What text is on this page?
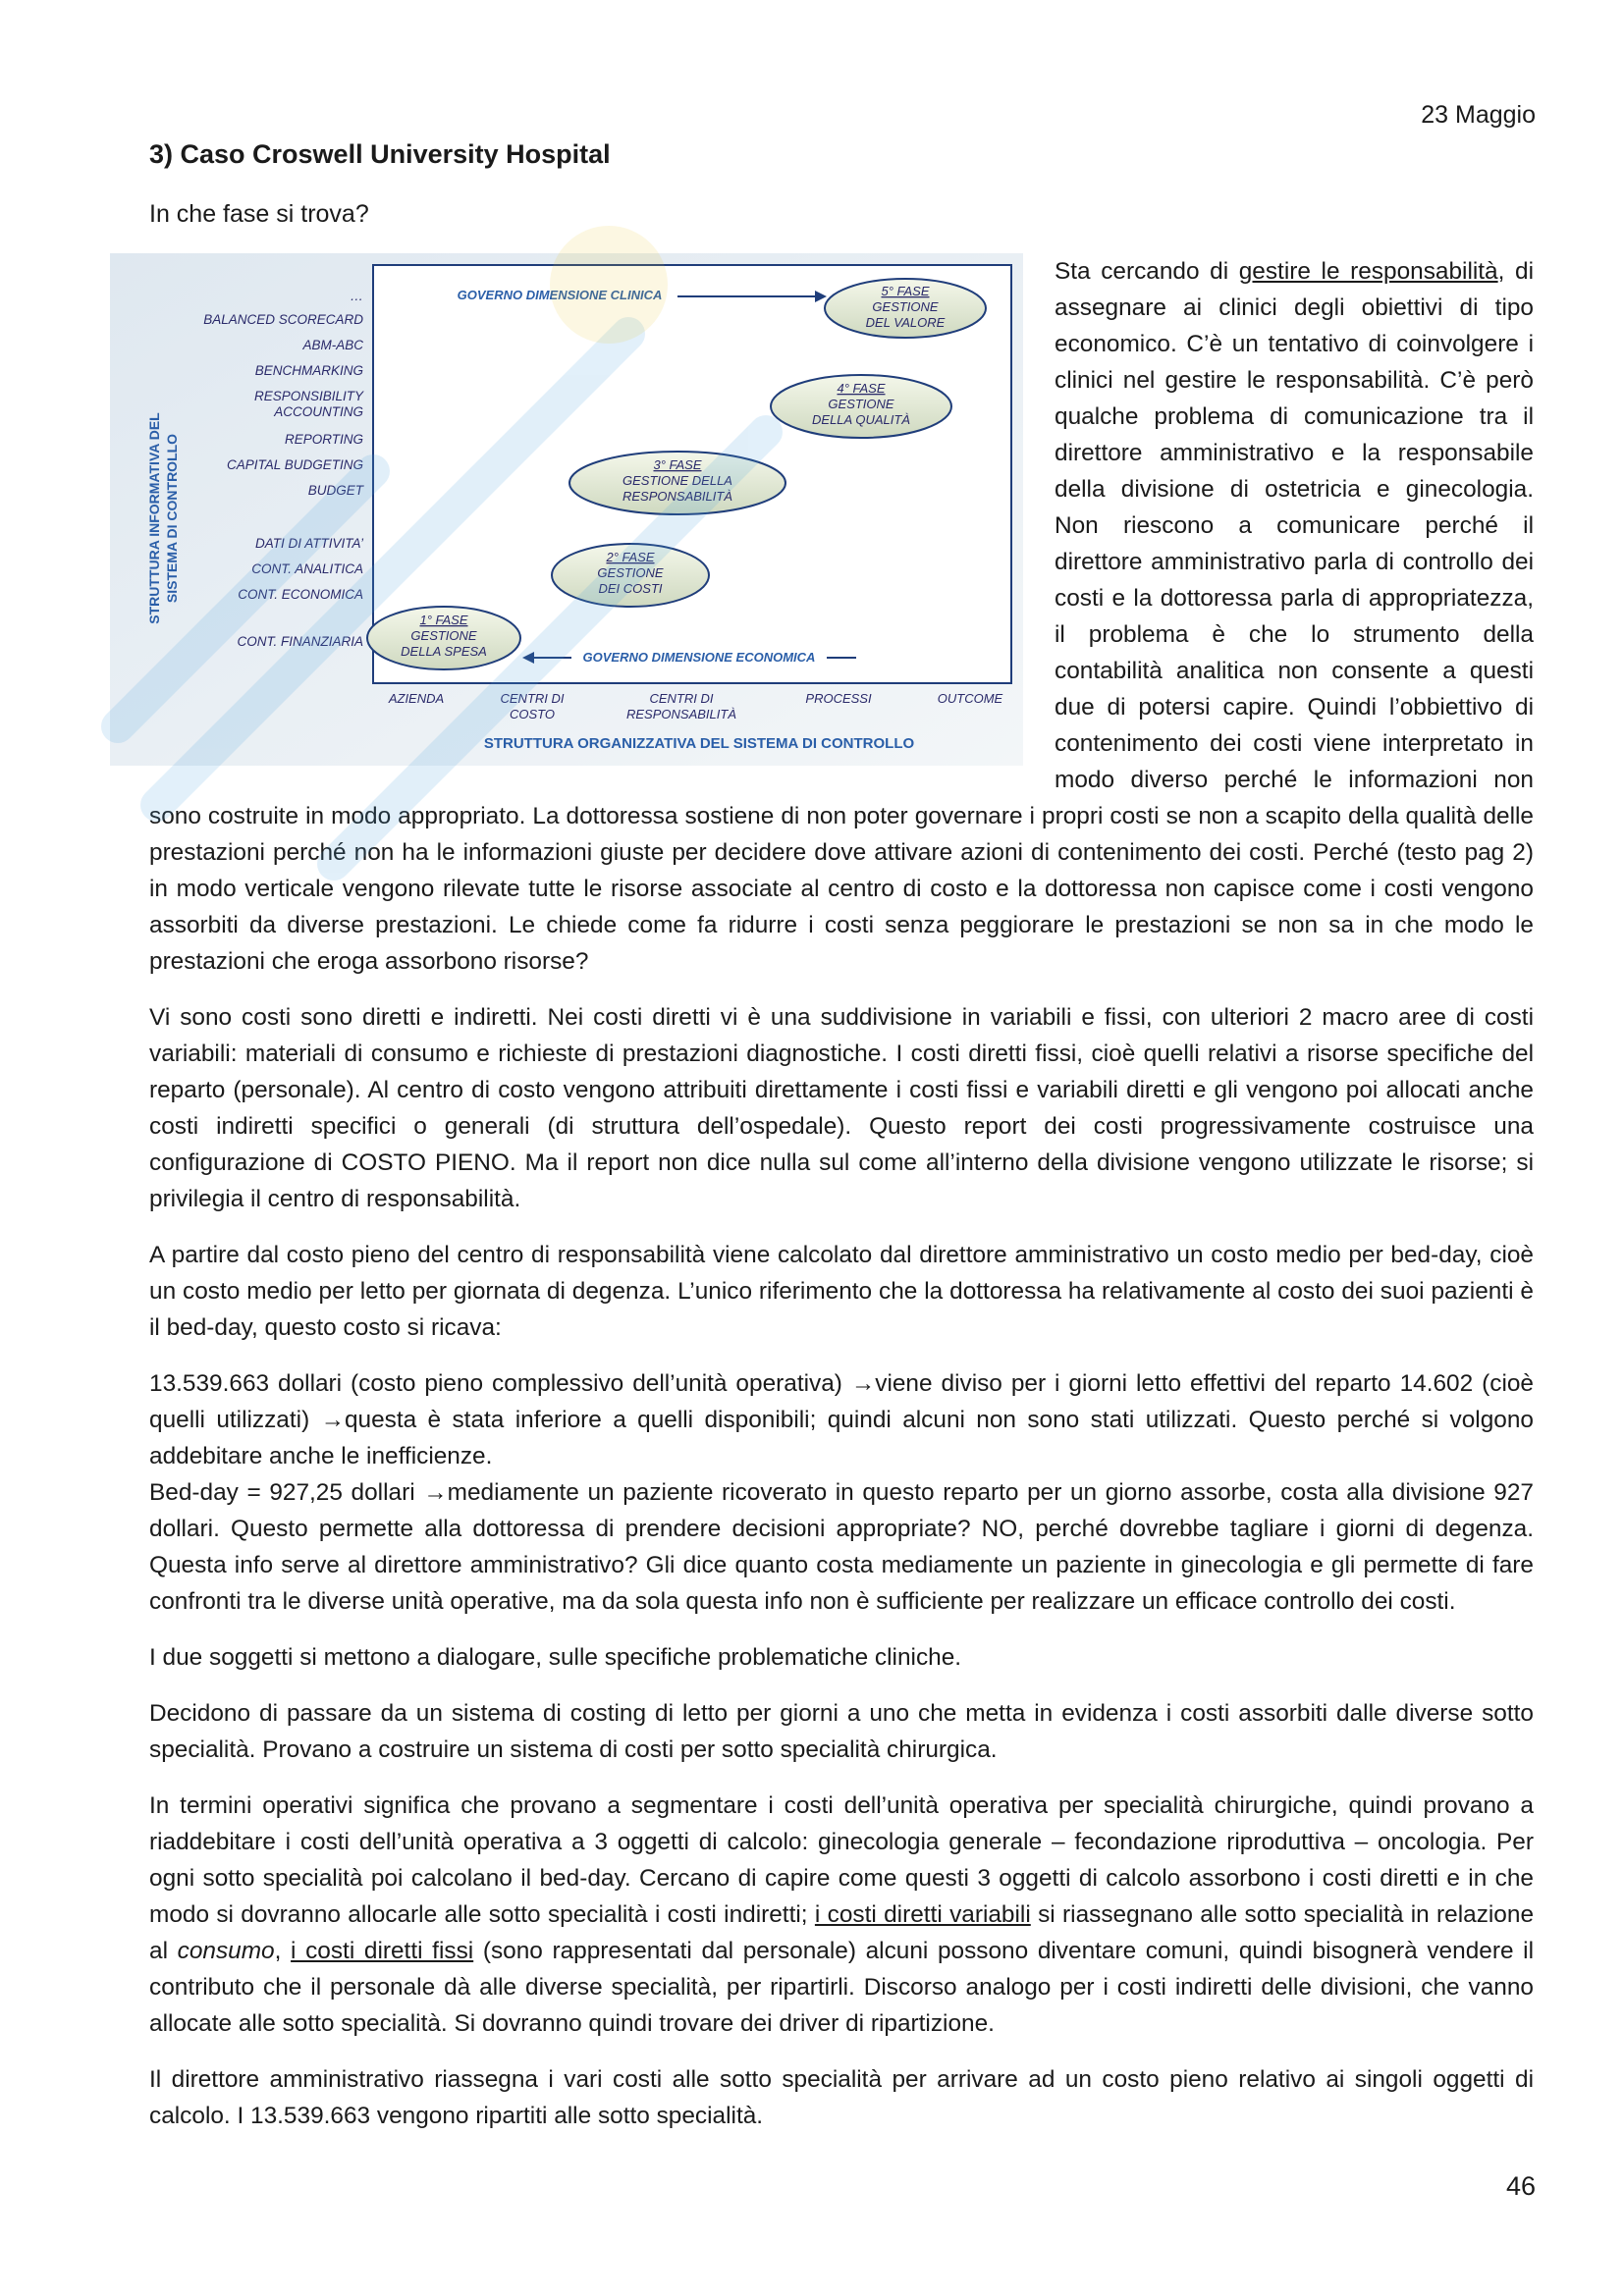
23 Maggio
3) Caso Croswell University Hospital
In che fase si trova?
STRUTTURA INFORMATIVA DEL SISTEMA DI CONTROLLO
…
BALANCED SCORECARD
ABM-ABC
BENCHMARKING
RESPONSIBILITY
ACCOUNTING
REPORTING
CAPITAL BUDGETING
BUDGET
DATI DI ATTIVITA’
CONT. ANALITICA
CONT. ECONOMICA
CONT. FINANZIARIA
GOVERNO DIMENSIONE CLINICA
GOVERNO DIMENSIONE ECONOMICA
1° FASE
GESTIONE
DELLA SPESA
2° FASE
GESTIONE
DEI COSTI
3° FASE
GESTIONE DELLA
RESPONSABILITÀ
4° FASE
GESTIONE
DELLA QUALITÀ
5° FASE
GESTIONE
DEL VALORE
AZIENDA	CENTRI DI
COSTO
CENTRI DI
RESPONSABILITÀ
PROCESSI	OUTCOME
STRUTTURA ORGANIZZATIVA DEL SISTEMA DI CONTROLLO

Sta cercando di gestire le responsabilità, di assegnare ai clinici degli obiettivi di tipo economico. C’è un tentativo di coinvolgere i clinici nel gestire le responsabilità. C’è però qualche problema di comunicazione tra il direttore amministrativo e la responsabile della divisione di ostetricia e ginecologia. Non riescono a comunicare perché il direttore amministrativo parla di controllo dei costi e la dottoressa parla di appropriatezza, il problema è che lo strumento della contabilità analitica non consente a questi due di potersi capire. Quindi l’obbiettivo di contenimento dei costi viene interpretato in modo diverso perché le informazioni non sono costruite in modo appropriato. La dottoressa sostiene di non poter governare i propri costi se non a scapito della qualità delle prestazioni perché non ha le informazioni giuste per decidere dove attivare azioni di contenimento dei costi. Perché (testo pag 2) in modo verticale vengono rilevate tutte le risorse associate al centro di costo e la dottoressa non capisce come i costi vengono assorbiti da diverse prestazioni. Le chiede come fa ridurre i costi senza peggiorare le prestazioni se non sa in che modo le prestazioni che eroga assorbono risorse?

Vi sono costi sono diretti e indiretti. Nei costi diretti vi è una suddivisione in variabili e fissi, con ulteriori 2 macro aree di costi variabili: materiali di consumo e richieste di prestazioni diagnostiche. I costi diretti fissi, cioè quelli relativi a risorse specifiche del reparto (personale). Al centro di costo vengono attribuiti direttamente i costi fissi e variabili diretti e gli vengono poi allocati anche costi indiretti specifici o generali (di struttura dell’ospedale). Questo report dei costi progressivamente costruisce una configurazione di COSTO PIENO. Ma il report non dice nulla sul come all’interno della divisione vengono utilizzate le risorse; si privilegia il centro di responsabilità.

A partire dal costo pieno del centro di responsabilità viene calcolato dal direttore amministrativo un costo medio per bed-day, cioè un costo medio per letto per giornata di degenza. L’unico riferimento che la dottoressa ha relativamente al costo dei suoi pazienti è il bed-day, questo costo si ricava:

13.539.663 dollari (costo pieno complessivo dell’unità operativa) →viene diviso per i giorni letto effettivi del reparto 14.602 (cioè quelli utilizzati) →questa è stata inferiore a quelli disponibili; quindi alcuni non sono stati utilizzati. Questo perché si volgono addebitare anche le inefficienze.
Bed-day = 927,25 dollari →mediamente un paziente ricoverato in questo reparto per un giorno assorbe, costa alla divisione 927 dollari. Questo permette alla dottoressa di prendere decisioni appropriate? NO, perché dovrebbe tagliare i giorni di degenza. Questa info serve al direttore amministrativo? Gli dice quanto costa mediamente un paziente in ginecologia e gli permette di fare confronti tra le diverse unità operative, ma da sola questa info non è sufficiente per realizzare un efficace controllo dei costi.

I due soggetti si mettono a dialogare, sulle specifiche problematiche cliniche.

Decidono di passare da un sistema di costing di letto per giorni a uno che metta in evidenza i costi assorbiti dalle diverse sotto specialità. Provano a costruire un sistema di costi per sotto specialità chirurgica.

In termini operativi significa che provano a segmentare i costi dell’unità operativa per specialità chirurgiche, quindi provano a riaddebitare i costi dell’unità operativa a 3 oggetti di calcolo: ginecologia generale – fecondazione riproduttiva – oncologia. Per ogni sotto specialità poi calcolano il bed-day. Cercano di capire come questi 3 oggetti di calcolo assorbono i costi diretti e in che modo si dovranno allocarle alle sotto specialità i costi indiretti; i costi diretti variabili si riassegnano alle sotto specialità in relazione al consumo, i costi diretti fissi (sono rappresentati dal personale) alcuni possono diventare comuni, quindi bisognerà vendere il contributo che il personale dà alle diverse specialità, per ripartirli. Discorso analogo per i costi indiretti delle divisioni, che vanno allocate alle sotto specialità. Si dovranno quindi trovare dei driver di ripartizione.

Il direttore amministrativo riassegna i vari costi alle sotto specialità per arrivare ad un costo pieno relativo ai singoli oggetti di calcolo. I 13.539.663 vengono ripartiti alle sotto specialità.

46
